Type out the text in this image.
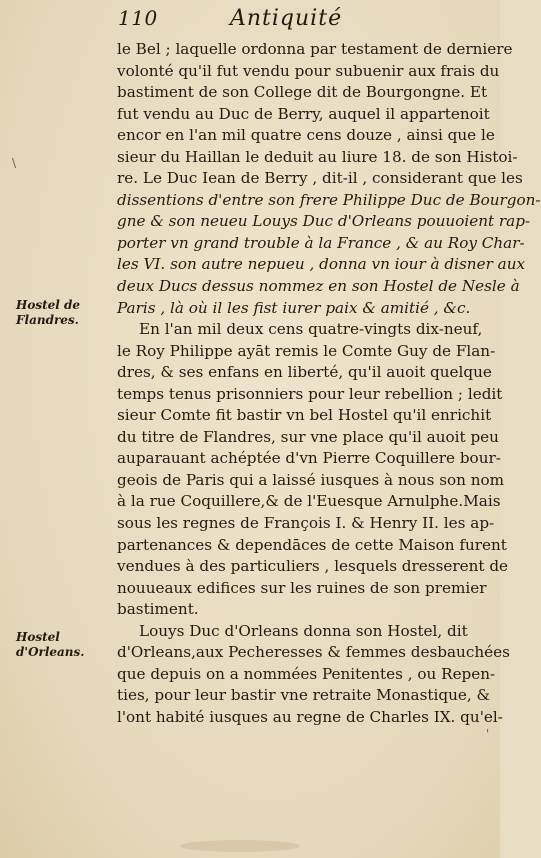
110	Antiquité
le Bel ; laquelle ordonna par testament de derniere
volonté qu'il fut vendu pour subuenir aux frais du
bastiment de son College dit de Bourgongne. Et
fut vendu au Duc de Berry, auquel il appartenoit
encor en l'an mil quatre cens douze , ainsi que le
sieur du Haillan le deduit au liure 18. de son Histoi-
re. Le Duc Iean de Berry , dit-il , considerant que les
dissentions d'entre son frere Philippe Duc de Bourgon-
gne & son neueu Louys Duc d'Orleans pouuoient rap-
porter vn grand trouble à la France , & au Roy Char-
les VI. son autre nepueu , donna vn iour à disner aux
deux Ducs dessus nommez en son Hostel de Nesle à
Paris , là où il les fist iurer paix & amitié , &c.
En l'an mil deux cens quatre-vingts dix-neuf,
le Roy Philippe ayāt remis le Comte Guy de Flan-
dres, & ses enfans en liberté, qu'il auoit quelque
temps tenus prisonniers pour leur rebellion ; ledit
sieur Comte fit bastir vn bel Hostel qu'il enrichit
du titre de Flandres, sur vne place qu'il auoit peu
auparauant achéptée d'vn Pierre Coquillere bour-
geois de Paris qui a laissé iusques à nous son nom
à la rue Coquillere,& de l'Euesque Arnulphe.Mais
sous les regnes de François I. & Henry II. les ap-
partenances & dependāces de cette Maison furent
vendues à des particuliers , lesquels dresserent de
nouueaux edifices sur les ruines de son premier
bastiment.
Louys Duc d'Orleans donna son Hostel, dit
d'Orleans,aux Pecheresses & femmes desbauchées
que depuis on a nommées Penitentes , ou Repen-
ties, pour leur bastir vne retraite Monastique, &
l'ont habité iusques au regne de Charles IX. qu'el-
Hostel de
Flandres.
Hostel
d'Orleans.
\
'
